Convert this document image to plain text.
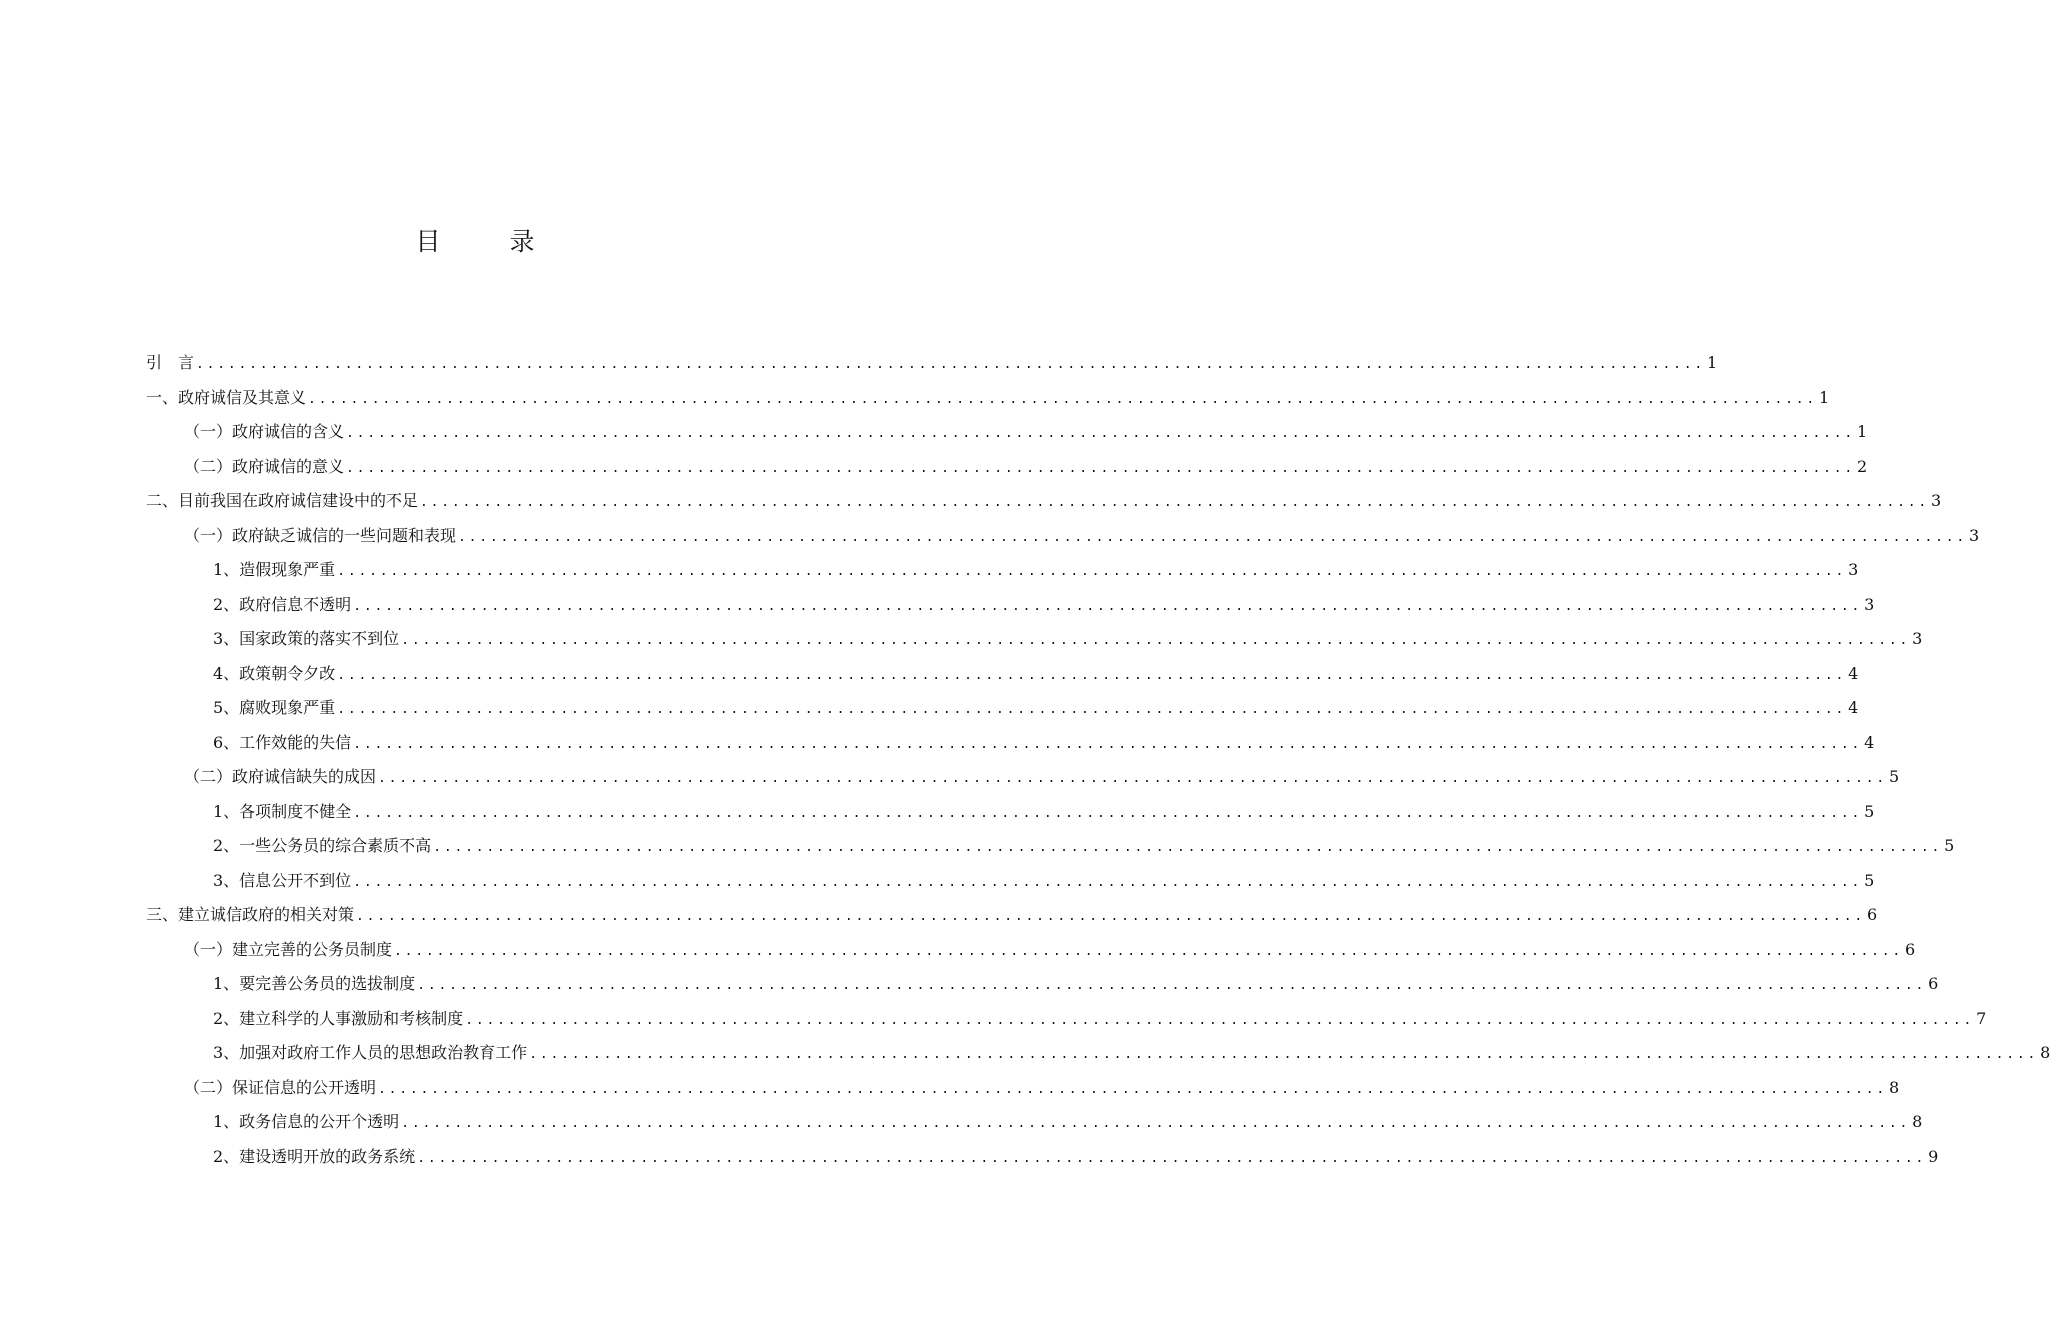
目　录
引　言 .............................................................................................................................................. 1
一、政府诚信及其意义 .............................................................................................................................................. 1
（一）政府诚信的含义 .............................................................................................................................................. 1
（二）政府诚信的意义 .............................................................................................................................................. 2
二、目前我国在政府诚信建设中的不足 .............................................................................................................................................. 3
（一）政府缺乏诚信的一些问题和表现 .............................................................................................................................................. 3
1、造假现象严重 .............................................................................................................................................. 3
2、政府信息不透明 .............................................................................................................................................. 3
3、国家政策的落实不到位 .............................................................................................................................................. 3
4、政策朝令夕改 .............................................................................................................................................. 4
5、腐败现象严重 .............................................................................................................................................. 4
6、工作效能的失信 .............................................................................................................................................. 4
（二）政府诚信缺失的成因 .............................................................................................................................................. 5
1、各项制度不健全 .............................................................................................................................................. 5
2、一些公务员的综合素质不高 .............................................................................................................................................. 5
3、信息公开不到位 .............................................................................................................................................. 5
三、建立诚信政府的相关对策 .............................................................................................................................................. 6
（一）建立完善的公务员制度 .............................................................................................................................................. 6
1、要完善公务员的选拔制度 .............................................................................................................................................. 6
2、建立科学的人事激励和考核制度 .............................................................................................................................................. 7
3、加强对政府工作人员的思想政治教育工作 .............................................................................................................................................. 8
（二）保证信息的公开透明 .............................................................................................................................................. 8
1、政务信息的公开个透明 .............................................................................................................................................. 8
2、建设透明开放的政务系统 .............................................................................................................................................. 9
